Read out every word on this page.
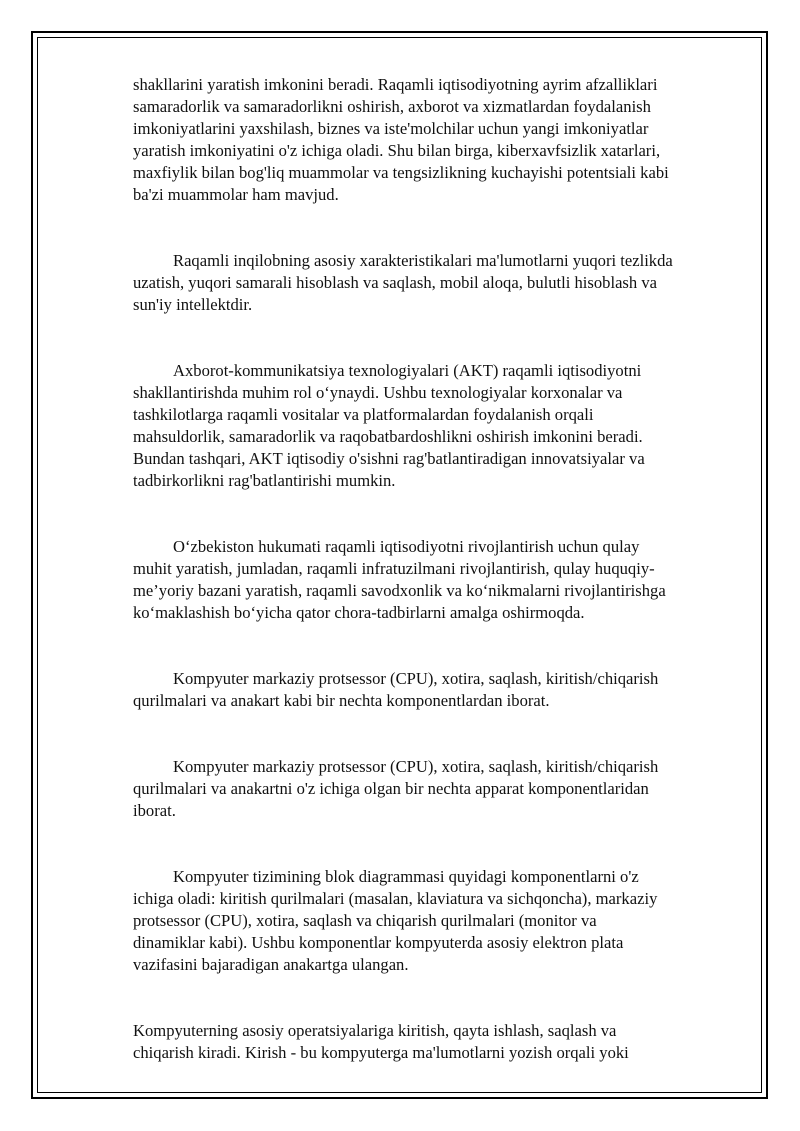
shakllarini yaratish imkonini beradi. Raqamli iqtisodiyotning ayrim afzalliklari
samaradorlik va samaradorlikni oshirish, axborot va xizmatlardan foydalanish
imkoniyatlarini yaxshilash, biznes va iste'molchilar uchun yangi imkoniyatlar
yaratish imkoniyatini o'z ichiga oladi. Shu bilan birga, kiberxavfsizlik xatarlari,
maxfiylik bilan bog'liq muammolar va tengsizlikning kuchayishi potentsiali kabi
ba'zi muammolar ham mavjud.

Raqamli inqilobning asosiy xarakteristikalari ma'lumotlarni yuqori tezlikda
uzatish, yuqori samarali hisoblash va saqlash, mobil aloqa, bulutli hisoblash va
sun'iy intellektdir.

Axborot-kommunikatsiya texnologiyalari (AKT) raqamli iqtisodiyotni
shakllantirishda muhim rol o‘ynaydi. Ushbu texnologiyalar korxonalar va
tashkilotlarga raqamli vositalar va platformalardan foydalanish orqali
mahsuldorlik, samaradorlik va raqobatbardoshlikni oshirish imkonini beradi.
Bundan tashqari, AKT iqtisodiy o'sishni rag'batlantiradigan innovatsiyalar va
tadbirkorlikni rag'batlantirishi mumkin.

O‘zbekiston hukumati raqamli iqtisodiyotni rivojlantirish uchun qulay
muhit yaratish, jumladan, raqamli infratuzilmani rivojlantirish, qulay huquqiy-
me’yoriy bazani yaratish, raqamli savodxonlik va ko‘nikmalarni rivojlantirishga
ko‘maklashish bo‘yicha qator chora-tadbirlarni amalga oshirmoqda.

Kompyuter markaziy protsessor (CPU), xotira, saqlash, kiritish/chiqarish
qurilmalari va anakart kabi bir nechta komponentlardan iborat.

Kompyuter markaziy protsessor (CPU), xotira, saqlash, kiritish/chiqarish
qurilmalari va anakartni o'z ichiga olgan bir nechta apparat komponentlaridan
iborat.

Kompyuter tizimining blok diagrammasi quyidagi komponentlarni o'z
ichiga oladi: kiritish qurilmalari (masalan, klaviatura va sichqoncha), markaziy
protsessor (CPU), xotira, saqlash va chiqarish qurilmalari (monitor va
dinamiklar kabi). Ushbu komponentlar kompyuterda asosiy elektron plata
vazifasini bajaradigan anakartga ulangan.

Kompyuterning asosiy operatsiyalariga kiritish, qayta ishlash, saqlash va
chiqarish kiradi. Kirish - bu kompyuterga ma'lumotlarni yozish orqali yoki
